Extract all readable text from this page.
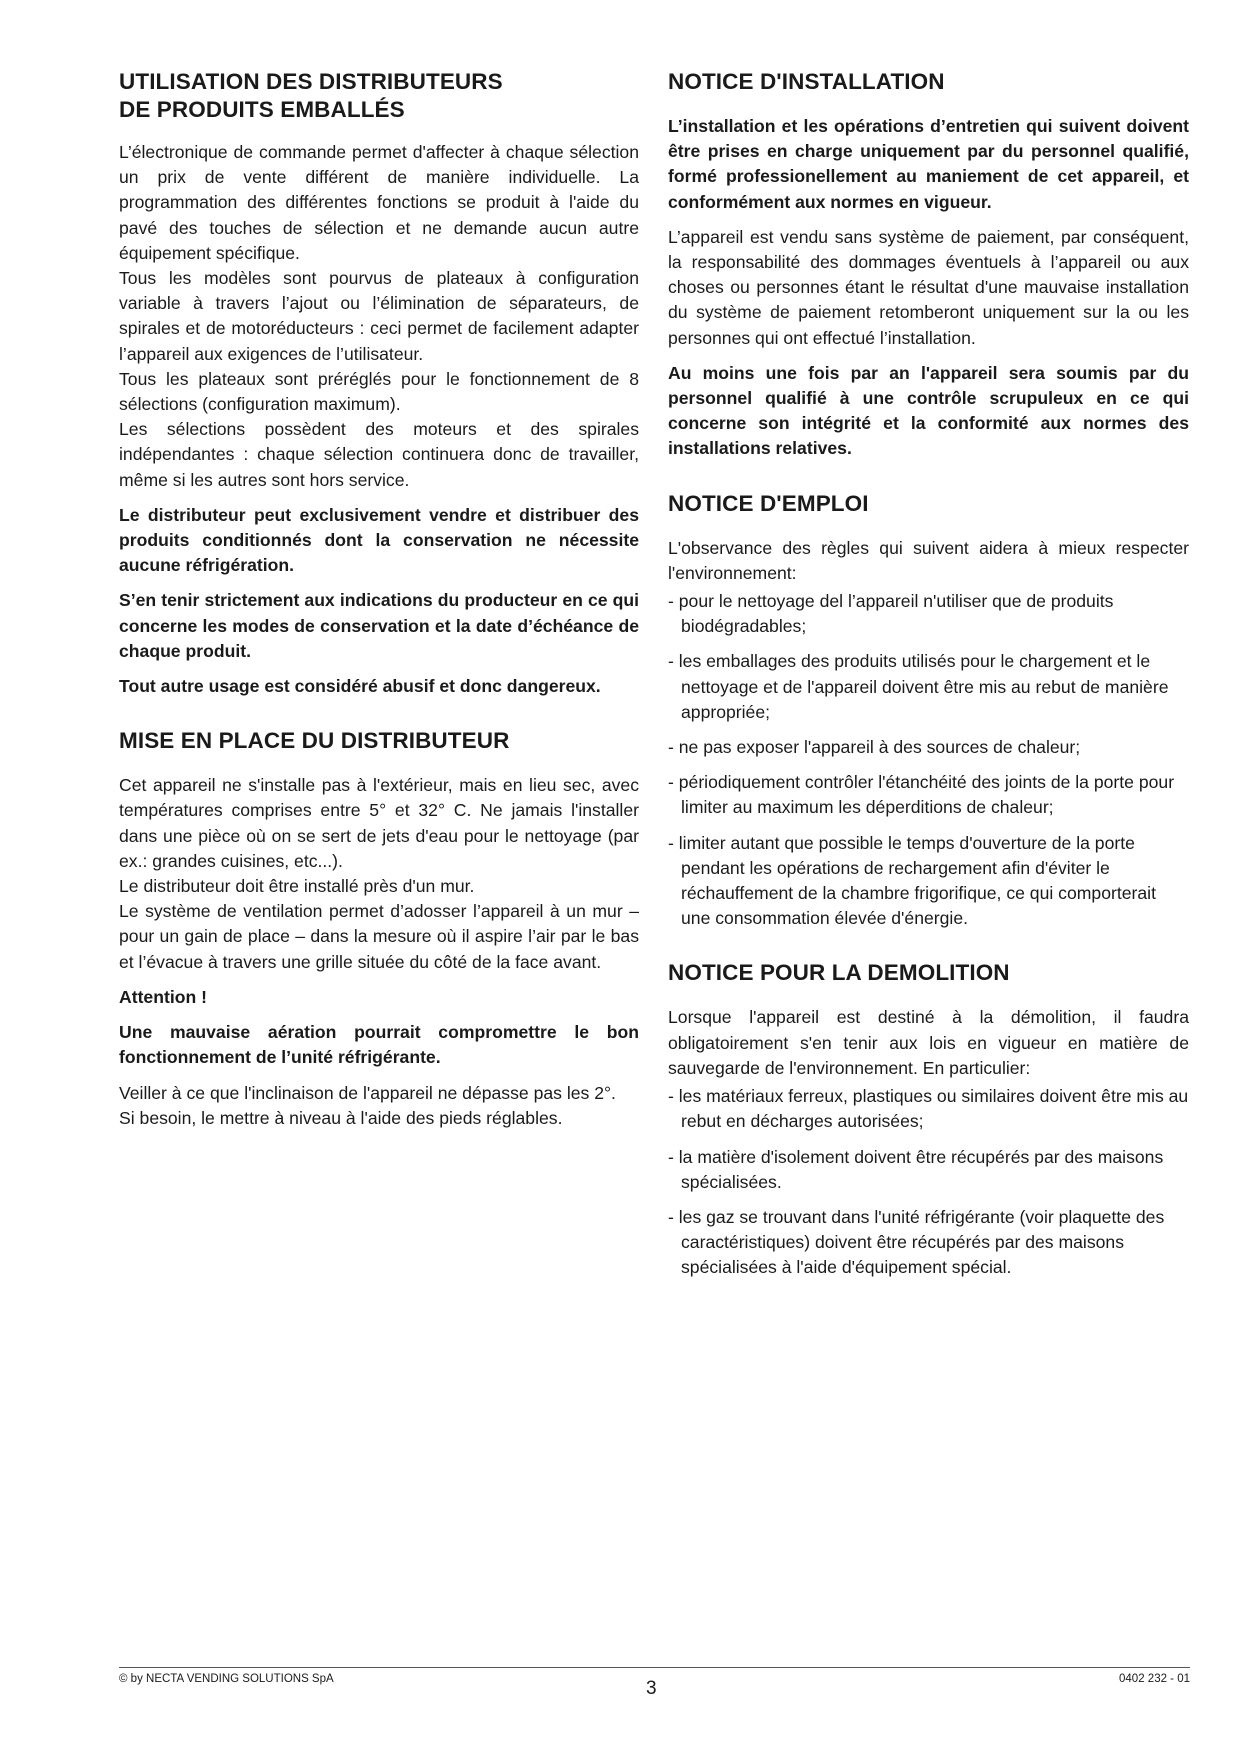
UTILISATION DES DISTRIBUTEURS
DE PRODUITS EMBALLÉS

L’électronique de commande permet d'affecter à chaque sélection un prix de vente différent de manière individuelle. La programmation des différentes fonctions se produit à l'aide du pavé des touches de sélection et ne demande aucun autre équipement spécifique.

Tous les modèles sont pourvus de plateaux à configuration variable à travers l’ajout ou l’élimination de séparateurs, de spirales et de motoréducteurs : ceci permet de facilement adapter l’appareil aux exigences de l’utilisateur.

Tous les plateaux sont préréglés pour le fonctionnement de 8 sélections (configuration maximum).

Les sélections possèdent des moteurs et des spirales indépendantes : chaque sélection continuera donc de travailler, même si les autres sont hors service.

Le distributeur peut exclusivement vendre et distribuer des produits conditionnés dont la conservation ne nécessite aucune réfrigération.

S’en tenir strictement aux indications du producteur en ce qui concerne les modes de conservation et la date d’échéance de chaque produit.

Tout autre usage est considéré abusif et donc dangereux.

MISE EN PLACE DU DISTRIBUTEUR

Cet appareil ne s'installe pas à l'extérieur, mais en lieu sec, avec températures comprises entre 5° et 32° C. Ne jamais l'installer dans une pièce où on se sert de jets d'eau pour le nettoyage (par ex.: grandes cuisines, etc...).

Le distributeur doit être installé près d'un mur.

Le système de ventilation permet d’adosser l’appareil à un mur – pour un gain de place – dans la mesure où il aspire l’air par le bas et l’évacue à travers une grille située du côté de la face avant.

Attention !

Une mauvaise aération pourrait compromettre le bon fonctionnement de l’unité réfrigérante.

Veiller à ce que l'inclinaison de l'appareil ne dépasse pas les 2°.

Si besoin, le mettre à niveau à l'aide des pieds réglables.

NOTICE D'INSTALLATION

L’installation et les opérations d’entretien qui suivent doivent être prises en charge uniquement par du personnel qualifié, formé professionellement au maniement de cet appareil, et conformément aux normes en vigueur.

L’appareil est vendu sans système de paiement, par conséquent, la responsabilité des dommages éventuels à l’appareil ou aux choses ou personnes étant le résultat d'une mauvaise installation du système de paiement retomberont uniquement sur la ou les personnes qui ont effectué l’installation.

Au moins une fois par an l'appareil sera soumis par du personnel qualifié à une contrôle scrupuleux en ce qui concerne son intégrité et la conformité aux normes des installations relatives.

NOTICE D'EMPLOI

L'observance des règles qui suivent aidera à mieux respecter l'environnement:

- pour le nettoyage del l’appareil n'utiliser que de produits biodégradables;
- les emballages des produits utilisés pour le chargement et le nettoyage et de l'appareil doivent être mis au rebut de manière appropriée;
- ne pas exposer l'appareil à des sources de chaleur;
- périodiquement contrôler l'étanchéité des joints de la porte pour limiter au maximum les déperditions de chaleur;
- limiter autant que possible le temps d'ouverture de la porte pendant les opérations de rechargement afin d'éviter le réchauffement de la chambre frigorifique, ce qui comporterait une consommation élevée d'énergie.
NOTICE POUR LA DEMOLITION

Lorsque l'appareil est destiné à la démolition, il faudra obligatoirement s'en tenir aux lois en vigueur en matière de sauvegarde de l'environnement. En particulier:

- les matériaux ferreux, plastiques ou similaires doivent être mis au rebut en décharges autorisées;
- la matière d'isolement doivent être récupérés par des maisons spécialisées.
- les gaz se trouvant dans l'unité réfrigérante (voir plaquette des caractéristiques) doivent être récupérés par des maisons spécialisées à l'aide d'équipement spécial.
© by NECTA VENDING SOLUTIONS SpA	3	0402 232 - 01
